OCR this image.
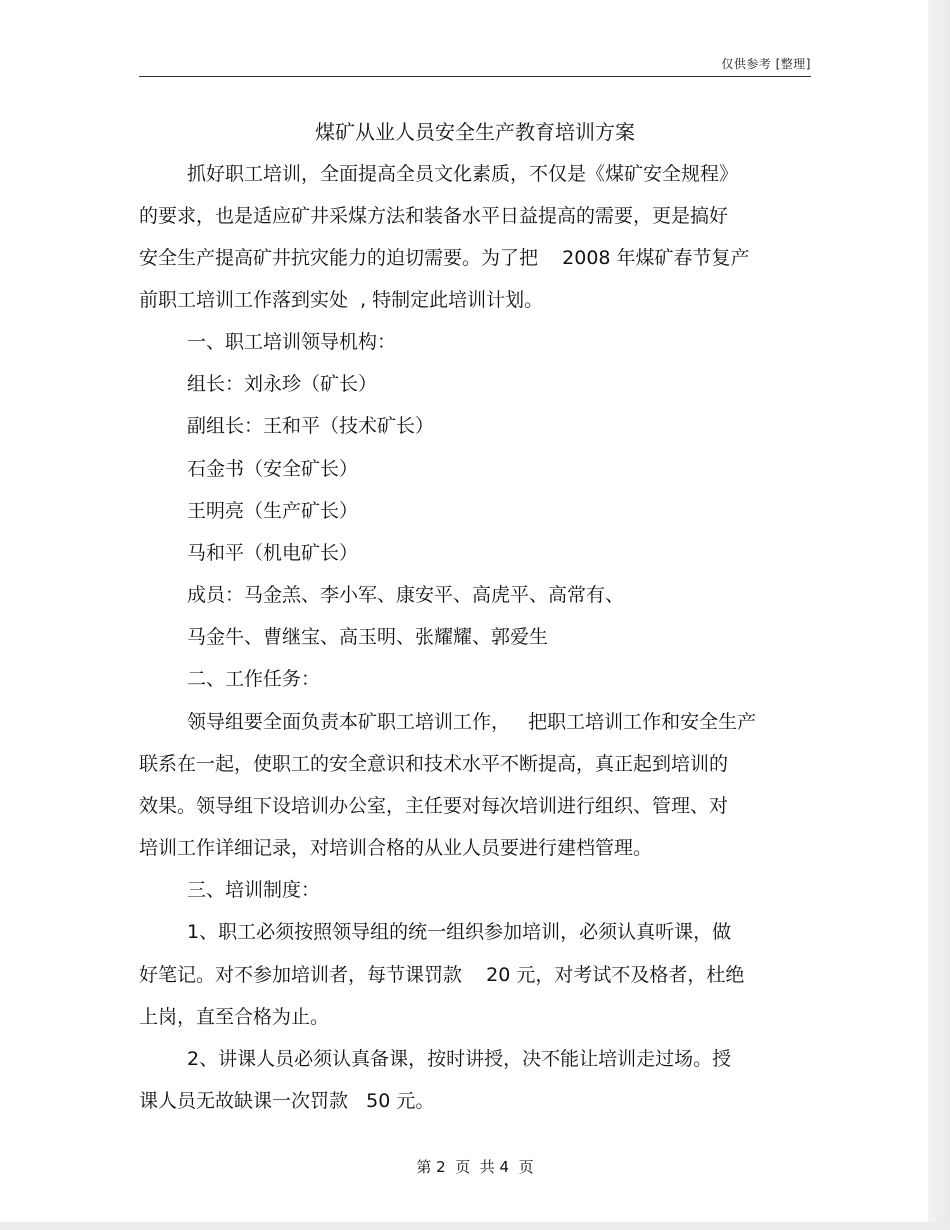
仅供参考 [整理]
煤矿从业人员安全生产教育培训方案
抓好职工培训，全面提高全员文化素质，不仅是《煤矿安全规程》
的要求，也是适应矿井采煤方法和装备水平日益提高的需要，更是搞好
安全生产提高矿井抗灾能力的迫切需要。为了把    2008 年煤矿春节复产
前职工培训工作落到实处  , 特制定此培训计划。
一、职工培训领导机构：
组长：刘永珍（矿长）
副组长：王和平（技术矿长）
石金书（安全矿长）
王明亮（生产矿长）
马和平（机电矿长）
成员：马金羔、李小军、康安平、高虎平、高常有、
马金牛、曹继宝、高玉明、张耀耀、郭爱生
二、工作任务：
领导组要全面负责本矿职工培训工作，   把职工培训工作和安全生产
联系在一起，使职工的安全意识和技术水平不断提高，真正起到培训的
效果。领导组下设培训办公室，主任要对每次培训进行组织、管理、对
培训工作详细记录，对培训合格的从业人员要进行建档管理。
三、培训制度：
1、职工必须按照领导组的统一组织参加培训，必须认真听课，做
好笔记。对不参加培训者，每节课罚款    20 元，对考试不及格者，杜绝
上岗，直至合格为止。
2、讲课人员必须认真备课，按时讲授，决不能让培训走过场。授
课人员无故缺课一次罚款   50 元。
第 2  页  共 4  页
